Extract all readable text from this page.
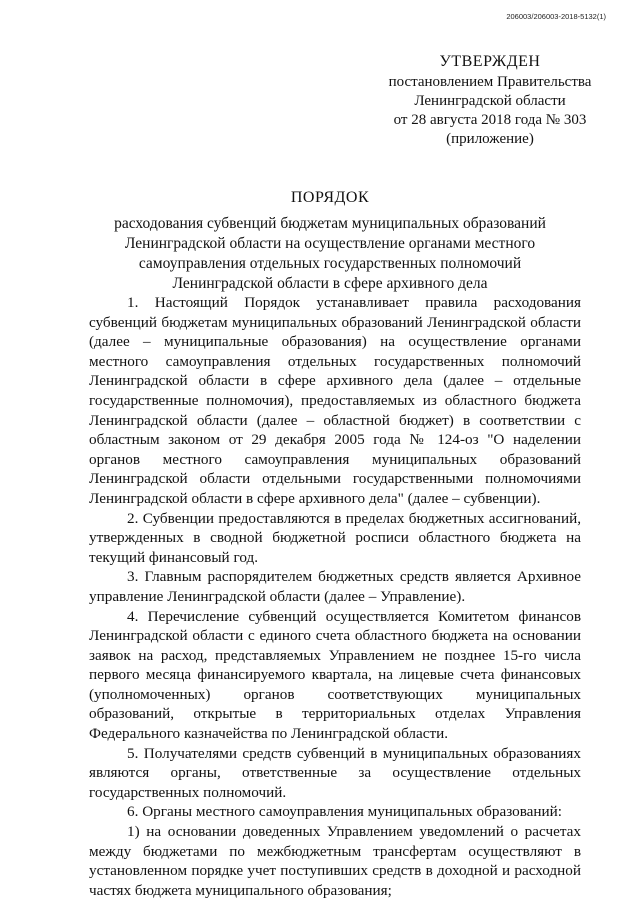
206003/206003-2018-5132(1)
УТВЕРЖДЕН
постановлением Правительства
Ленинградской области
от 28 августа 2018 года № 303
(приложение)
ПОРЯДОК
расходования субвенций бюджетам муниципальных образований
Ленинградской области на осуществление органами местного
самоуправления отдельных государственных полномочий
Ленинградской области в сфере архивного дела

1. Настоящий Порядок устанавливает правила расходования субвенций бюджетам муниципальных образований Ленинградской области (далее – муниципальные образования) на осуществление органами местного самоуправления отдельных государственных полномочий Ленинградской области в сфере архивного дела (далее – отдельные государственные полномочия), предоставляемых из областного бюджета Ленинградской области (далее – областной бюджет) в соответствии с областным законом от 29 декабря 2005 года № 124-оз "О наделении органов местного самоуправления муниципальных образований Ленинградской области отдельными государственными полномочиями Ленинградской области в сфере архивного дела" (далее – субвенции).

2. Субвенции предоставляются в пределах бюджетных ассигнований, утвержденных в сводной бюджетной росписи областного бюджета на текущий финансовый год.

3. Главным распорядителем бюджетных средств является Архивное управление Ленинградской области (далее – Управление).

4. Перечисление субвенций осуществляется Комитетом финансов Ленинградской области с единого счета областного бюджета на основании заявок на расход, представляемых Управлением не позднее 15-го числа первого месяца финансируемого квартала, на лицевые счета финансовых (уполномоченных) органов соответствующих муниципальных образований, открытые в территориальных отделах Управления Федерального казначейства по Ленинградской области.

5. Получателями средств субвенций в муниципальных образованиях являются органы, ответственные за осуществление отдельных государственных полномочий.

6. Органы местного самоуправления муниципальных образований:

1) на основании доведенных Управлением уведомлений о расчетах между бюджетами по межбюджетным трансфертам осуществляют в установленном порядке учет поступивших средств в доходной и расходной частях бюджета муниципального образования;
